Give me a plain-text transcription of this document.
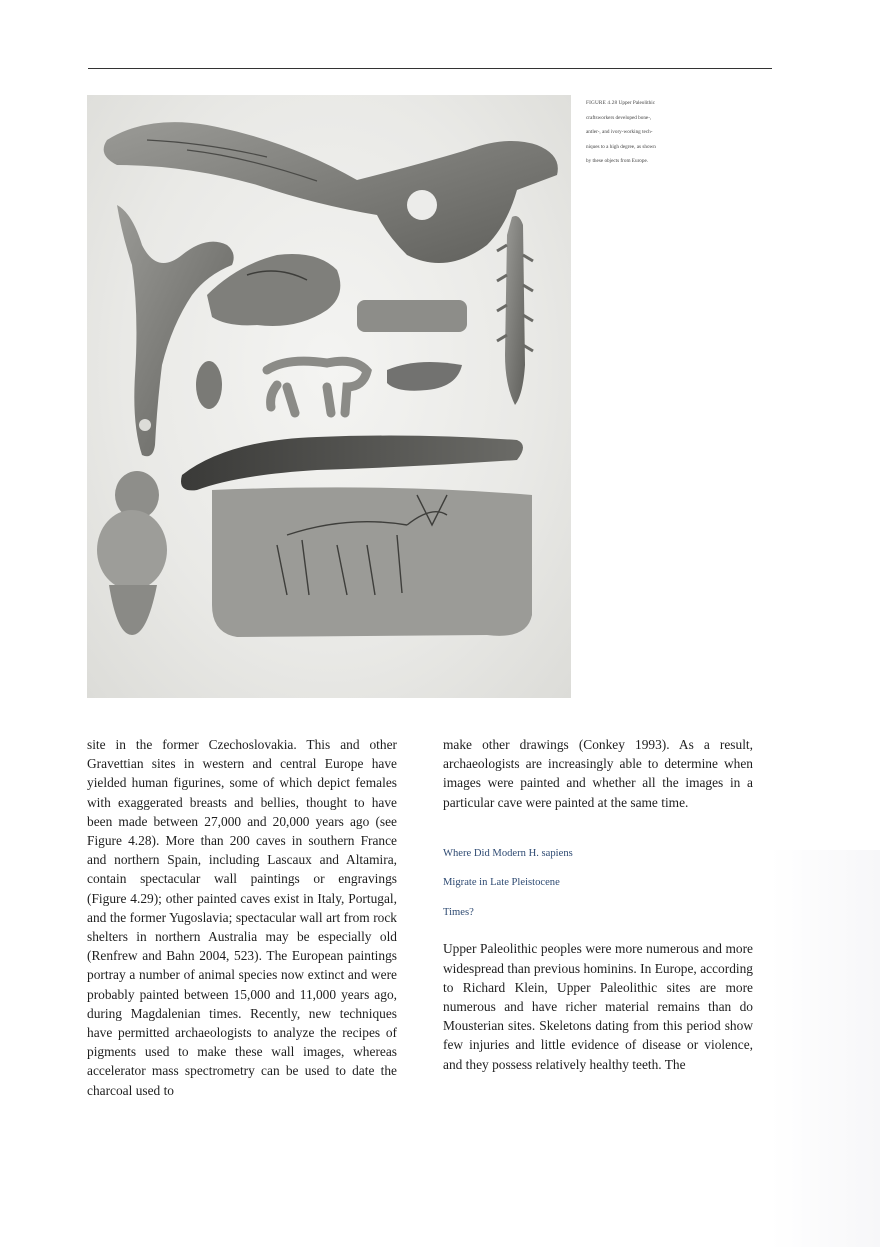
FIGURE 4.28 Upper Paleolithic
craftsworkers developed bone-,
antler-, and ivory-working tech-
niques to a high degree, as shown
by these objects from Europe.

site in the former Czechoslovakia. This and other Gravettian sites in western and central Europe have yielded human figurines, some of which depict females with exaggerated breasts and bellies, thought to have been made between 27,000 and 20,000 years ago (see Figure 4.28). More than 200 caves in southern France and northern Spain, including Lascaux and Altamira, contain spectacular wall paintings or engravings (Figure 4.29); other painted caves exist in Italy, Portugal, and the former Yugoslavia; spectacular wall art from rock shelters in northern Australia may be especially old (Renfrew and Bahn 2004, 523). The European paintings portray a number of animal species now extinct and were probably painted between 15,000 and 11,000 years ago, during Magdalenian times. Recently, new techniques have permitted archaeologists to analyze the recipes of pigments used to make these wall images, whereas accelerator mass spectrometry can be used to date the charcoal used to

make other drawings (Conkey 1993). As a result, archaeologists are increasingly able to determine when images were painted and whether all the images in a particular cave were painted at the same time.

Where Did Modern H. sapiens
Migrate in Late Pleistocene
Times?

Upper Paleolithic peoples were more numerous and more widespread than previous hominins. In Europe, according to Richard Klein, Upper Paleolithic sites are more numerous and have richer material remains than do Mousterian sites. Skeletons dating from this period show few injuries and little evidence of disease or violence, and they possess relatively healthy teeth. The
